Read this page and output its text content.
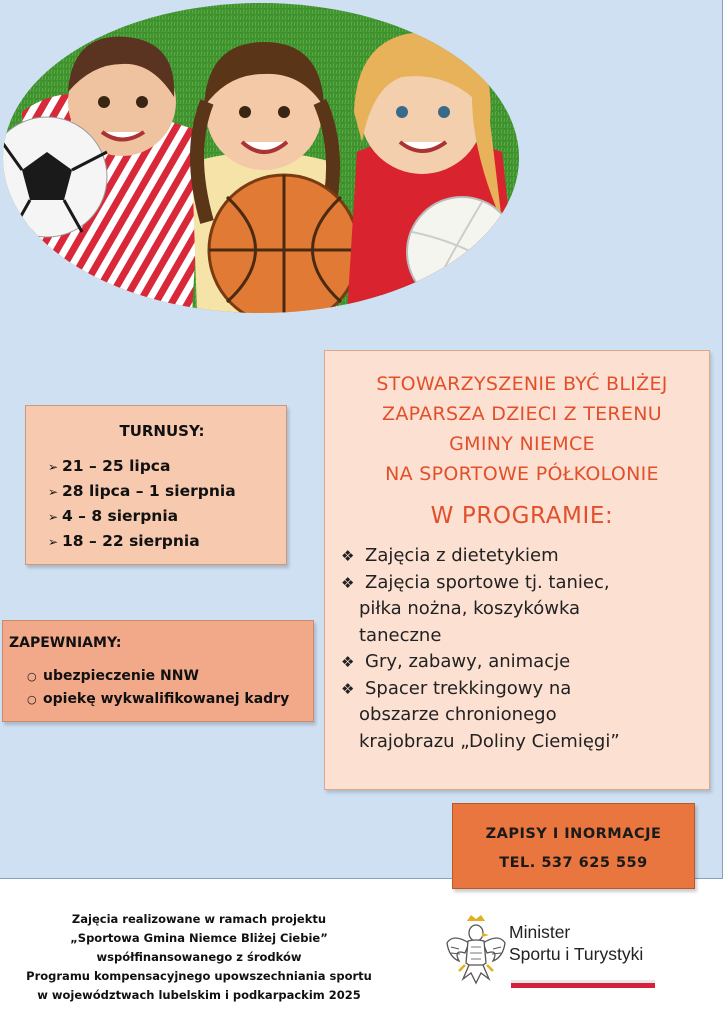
TURNUSY:
➢ 21 – 25 lipca
➢ 28 lipca – 1 sierpnia
➢ 4 – 8 sierpnia
➢ 18 – 22 sierpnia
ZAPEWNIAMY:
○ ubezpieczenie NNW
○ opiekę wykwalifikowanej kadry

STOWARZYSZENIE BYĆ BLIŻEJ
ZAPARSZA DZIECI Z TERENU
GMINY NIEMCE
NA SPORTOWE PÓŁKOLONIE

W PROGRAMIE:

❖ Zajęcia z dietetykiem
❖ Zajęcia sportowe tj. taniec,
piłka nożna, koszykówka
taneczne
❖ Gry, zabawy, animacje
❖ Spacer trekkingowy na
obszarze chronionego
krajobrazu „Doliny Ciemięgi”
ZAPISY I INORMACJE
TEL. 537 625 559
Zajęcia realizowane w ramach projektu
„Sportowa Gmina Niemce Bliżej Ciebie”
współfinansowanego z środków
Programu kompensacyjnego upowszechniania sportu
w województwach lubelskim i podkarpackim 2025
Minister
Sportu i Turystyki
